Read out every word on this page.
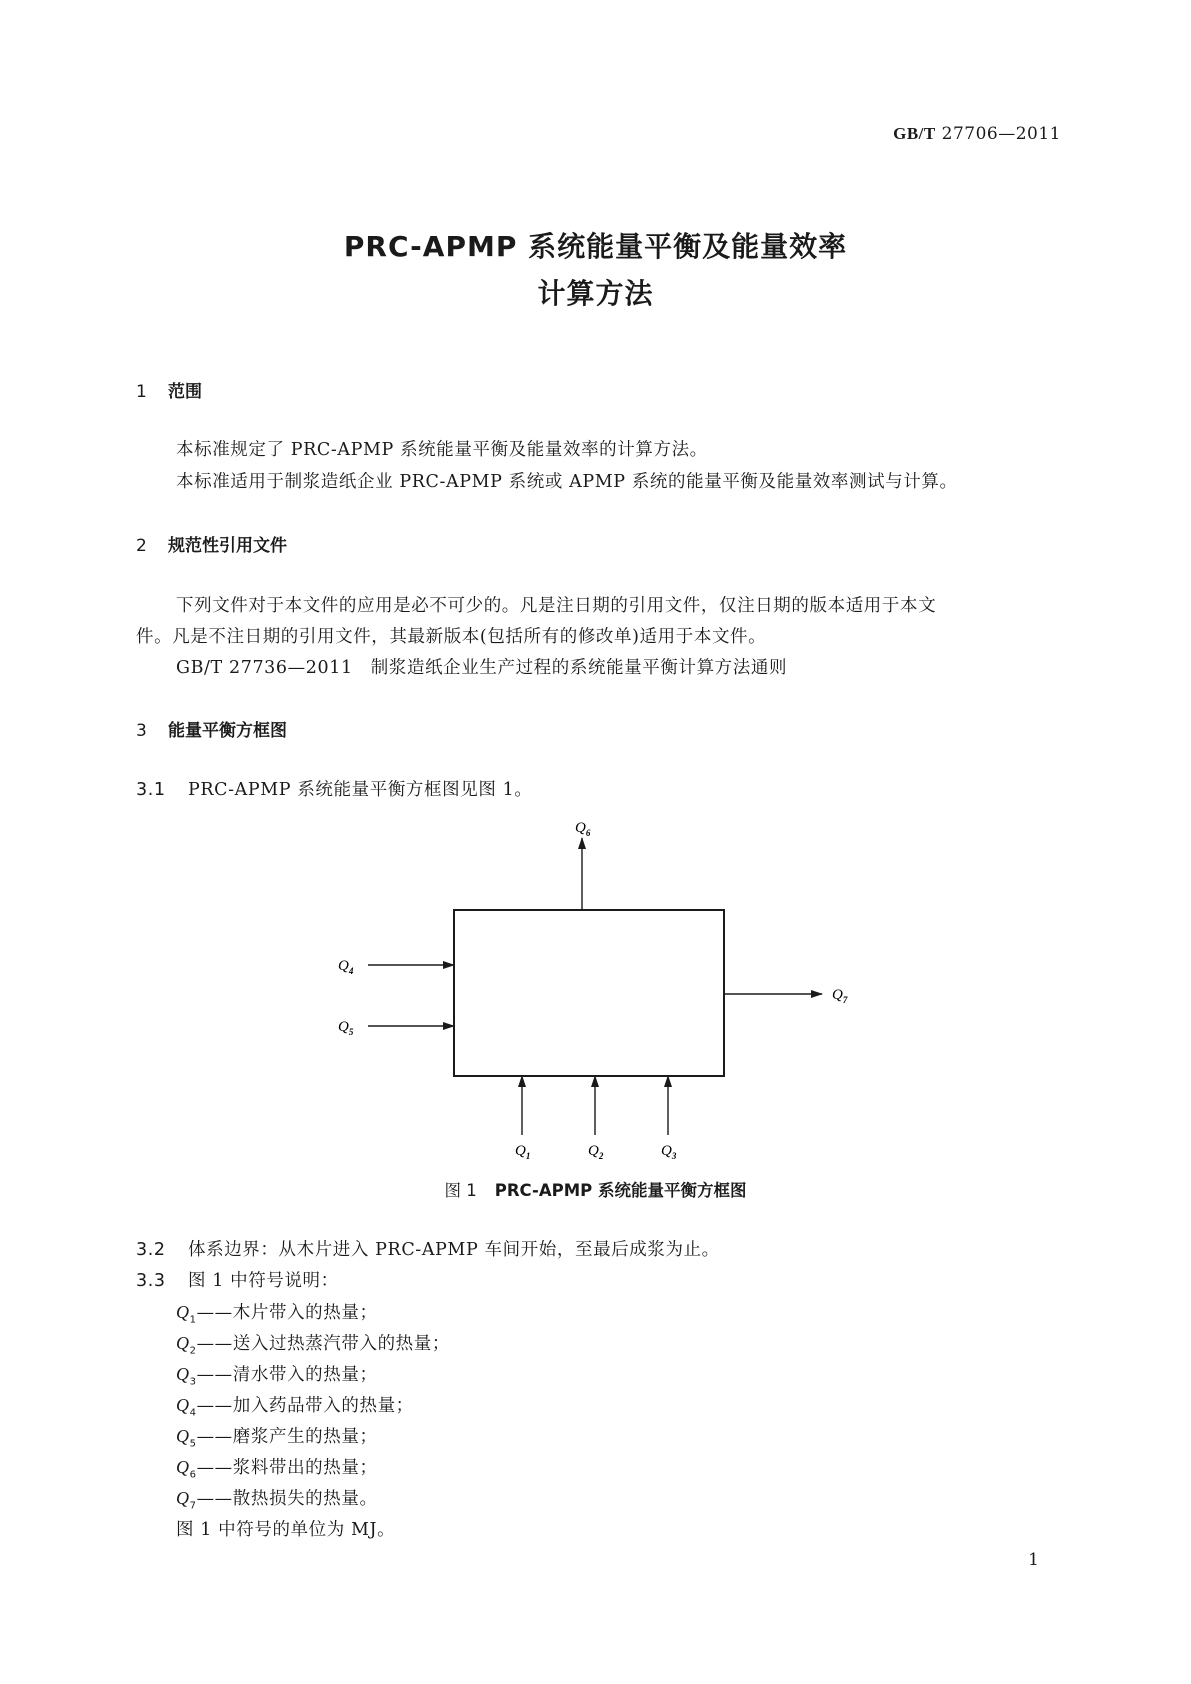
GB/T 27706—2011
PRC-APMP 系统能量平衡及能量效率
计算方法
1 范围
本标准规定了 PRC-APMP 系统能量平衡及能量效率的计算方法。
本标准适用于制浆造纸企业 PRC-APMP 系统或 APMP 系统的能量平衡及能量效率测试与计算。
2 规范性引用文件
下列文件对于本文件的应用是必不可少的。凡是注日期的引用文件，仅注日期的版本适用于本文
件。凡是不注日期的引用文件，其最新版本(包括所有的修改单)适用于本文件。
GB/T 27736—2011　制浆造纸企业生产过程的系统能量平衡计算方法通则
3 能量平衡方框图
3.1 PRC-APMP 系统能量平衡方框图见图 1。
$Q_6$
$Q_4$
$Q_5$
$Q_7$
$Q_1$	$Q_2$	$Q_3$
图 1 PRC-APMP 系统能量平衡方框图
3.2 体系边界：从木片进入 PRC-APMP 车间开始，至最后成浆为止。
3.3 图 1 中符号说明：
$Q_1——$木片带入的热量；
$Q_2——$送入过热蒸汽带入的热量；
$Q_3——$清水带入的热量；
$Q_4——$加入药品带入的热量；
$Q_5——$磨浆产生的热量；
$Q_6——$浆料带出的热量；
$Q_7——$散热损失的热量。
图 1 中符号的单位为 MJ。
1
